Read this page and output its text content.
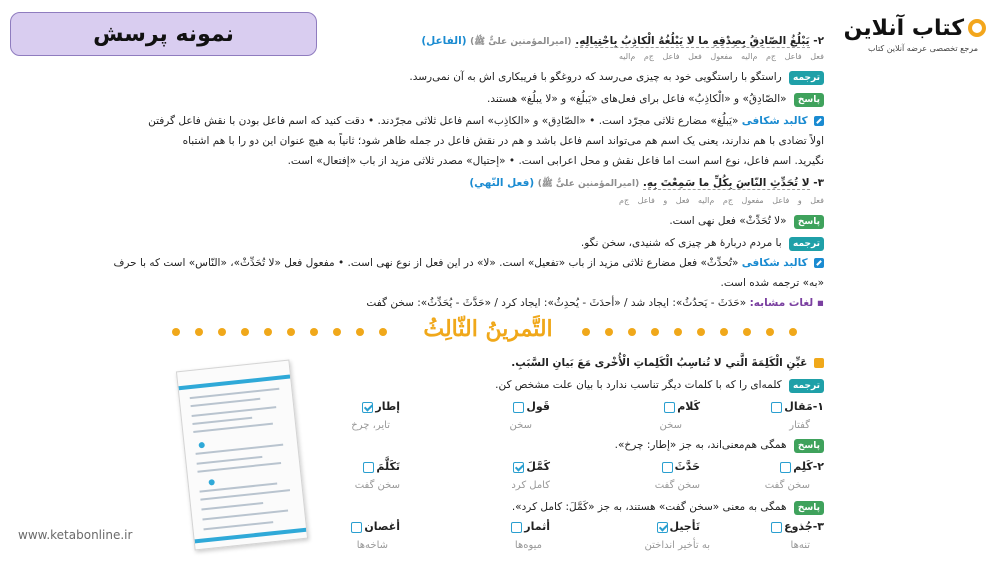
نمونه پرسش	کتاب آنلاین
مرجع تخصصی عرضه آنلاین کتاب
۲- يَبْلُغُ الصّادِقُ بِصِدْقِهِ ما لا يَبْلُغُهُ الْكاذِبُ بِاحْتِيالِهِ. (امیرالمؤمنین علیٌّ ﷺ) (الفاعل)
فعل فاعل ج‌م م‌الیه مفعول فعل فاعل ج‌م م‌الیه
ترجمه راستگو با راستگویی خود به چیزی می‌رسد که دروغگو با فریبکاری اش به آن نمی‌رسد.
پاسخ «الصّادِقُ» و «الْکاذِبُ» فاعل برای فعل‌های «یَبلُغ» و «لا یبلُغ» هستند.
کالبد شکافی «یَبلُغ» مضارع ثلاثی مجرّد است. • «الصّادِق» و «الکاذِب» اسم فاعل ثلاثی مجرّدند. • دقت کنید که اسم فاعل بودن با نقش فاعل گرفتن
اولاً تضادی با هم ندارند، یعنی یک اسم هم می‌تواند اسم فاعل باشد و هم در نقش فاعل در جمله ظاهر شود؛ ثانیاً به هیچ عنوان این دو را با هم اشتباه
نگیرید. اسم فاعل، نوع اسم است اما فاعل نقش و محل اعرابی است. • «إحتیال» مصدر ثلاثی مزید از باب «إفتعال» است.
۳- لا تُحَدِّثِ النّاسَ بِكُلِّ ما سَمِعْتَ بِهِ. (امیرالمؤمنین علیٌّ ﷺ) (فعل النّهي)
فعل و فاعل مفعول ج‌م م‌الیه فعل و فاعل ج‌م
پاسخ «لا تُحَدِّثْ» فعل نهی است.
ترجمه با مردم دربارهٔ هر چیزی که شنیدی، سخن نگو.
کالبد شکافی «تُحدِّثْ» فعل مضارع ثلاثی مزید از باب «تفعیل» است. «لا» در این فعل از نوع نهی است. • مفعول فعل «لا تُحَدِّثْ»، «النّاس» است که با حرف
«به» ترجمه شده است.
▪ لغات مشابه: «حَدَثَ - یَحدُثُ»: ایجاد شد / «أحدَثَ - یُحدِثُ»: ایجاد کرد / «حَدَّثَ - یُحَدِّثُ»: سخن گفت
التَّمرينُ الثّالِثُ
عَيِّنِ الْكَلِمَةَ الَّتي لا تُناسِبُ الْكَلِماتِ الْأُخْرى مَعَ بَيانِ السَّبَبِ.
ترجمه کلمه‌ای را که با کلمات دیگر تناسب ندارد با بیان علت مشخص کن.
۱-مَقال
گفتار
كَلام
سخن
قَول
سخن
إطار
تایر، چرخ
پاسخ همگی هم‌معنی‌اند، به جز «إطار: چرخ».
۲-كَلِم
سخن گفت
حَدَّثَ
سخن گفت
كَمَّلَ
کامل کرد
تَكَلَّمَ
سخن گفت
پاسخ همگی به معنی «سخن گفت» هستند، به جز «کَمَّلَ: کامل کرد».
۳-جُذوع
تنه‌ها
تَأجيل
به تأخیر انداختن
أثمار
میوه‌ها
أغصان
شاخه‌ها
www.ketabonline.ir
